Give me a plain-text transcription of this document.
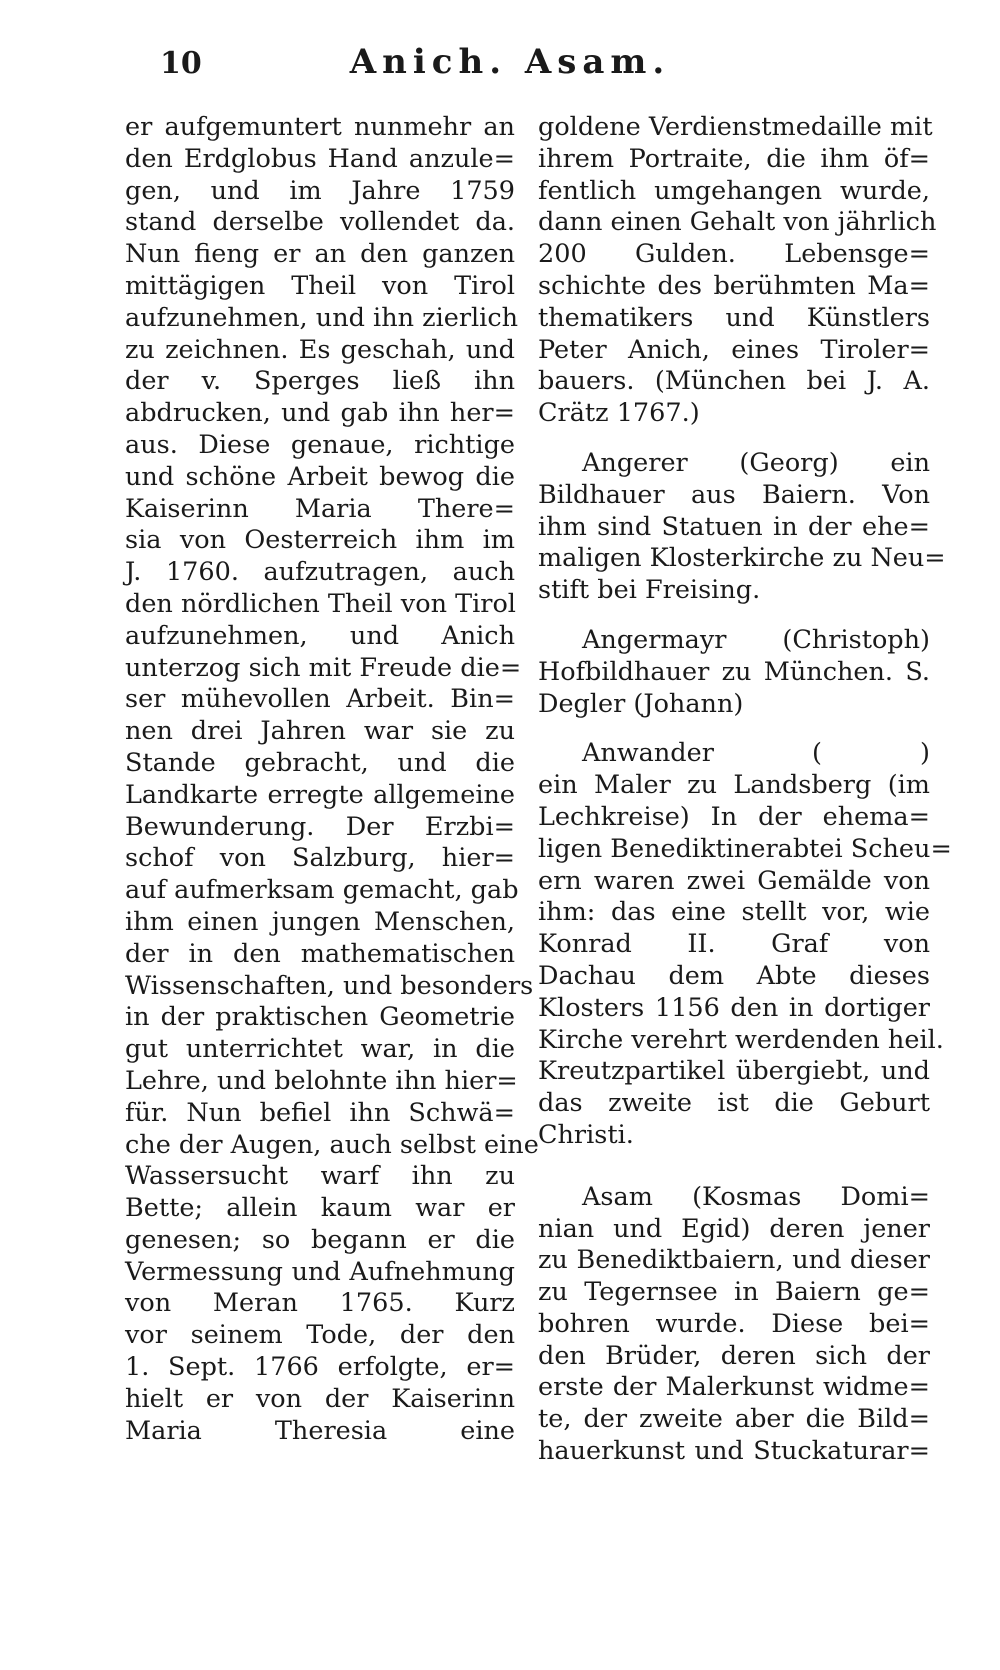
10	Anich. Asam.
er aufgemuntert nunmehr an
den Erdglobus Hand anzule=
gen, und im Jahre 1759
stand derselbe vollendet da.
Nun fieng er an den ganzen
mittägigen Theil von Tirol
aufzunehmen, und ihn zierlich
zu zeichnen. Es geschah, und
der v. Sperges ließ ihn
abdrucken, und gab ihn her=
aus. Diese genaue, richtige
und schöne Arbeit bewog die
Kaiserinn Maria There=
sia von Oesterreich ihm im
J. 1760. aufzutragen, auch
den nördlichen Theil von Tirol
aufzunehmen, und Anich
unterzog sich mit Freude die=
ser mühevollen Arbeit. Bin=
nen drei Jahren war sie zu
Stande gebracht, und die
Landkarte erregte allgemeine
Bewunderung. Der Erzbi=
schof von Salzburg, hier=
auf aufmerksam gemacht, gab
ihm einen jungen Menschen,
der in den mathematischen
Wissenschaften, und besonders
in der praktischen Geometrie
gut unterrichtet war, in die
Lehre, und belohnte ihn hier=
für. Nun befiel ihn Schwä=
che der Augen, auch selbst eine
Wassersucht warf ihn zu
Bette; allein kaum war er
genesen; so begann er die
Vermessung und Aufnehmung
von Meran 1765. Kurz
vor seinem Tode, der den
1. Sept. 1766 erfolgte, er=
hielt er von der Kaiserinn
Maria Theresia eine
goldene Verdienstmedaille mit
ihrem Portraite, die ihm öf=
fentlich umgehangen wurde,
dann einen Gehalt von jährlich
200 Gulden. Lebensge=
schichte des berühmten Ma=
thematikers und Künstlers
Peter Anich, eines Tiroler=
bauers. (München bei J. A.
Crätz 1767.)
Angerer (Georg) ein
Bildhauer aus Baiern. Von
ihm sind Statuen in der ehe=
maligen Klosterkirche zu Neu=
stift bei Freising.
Angermayr (Christoph)
Hofbildhauer zu München. S.
Degler (Johann)
Anwander ( )
ein Maler zu Landsberg (im
Lechkreise) In der ehema=
ligen Benediktinerabtei Scheu=
ern waren zwei Gemälde von
ihm: das eine stellt vor, wie
Konrad II. Graf von
Dachau dem Abte dieses
Klosters 1156 den in dortiger
Kirche verehrt werdenden heil.
Kreutzpartikel übergiebt, und
das zweite ist die Geburt
Christi.
Asam (Kosmas Domi=
nian und Egid) deren jener
zu Benediktbaiern, und dieser
zu Tegernsee in Baiern ge=
bohren wurde. Diese bei=
den Brüder, deren sich der
erste der Malerkunst widme=
te, der zweite aber die Bild=
hauerkunst und Stuckaturar=
